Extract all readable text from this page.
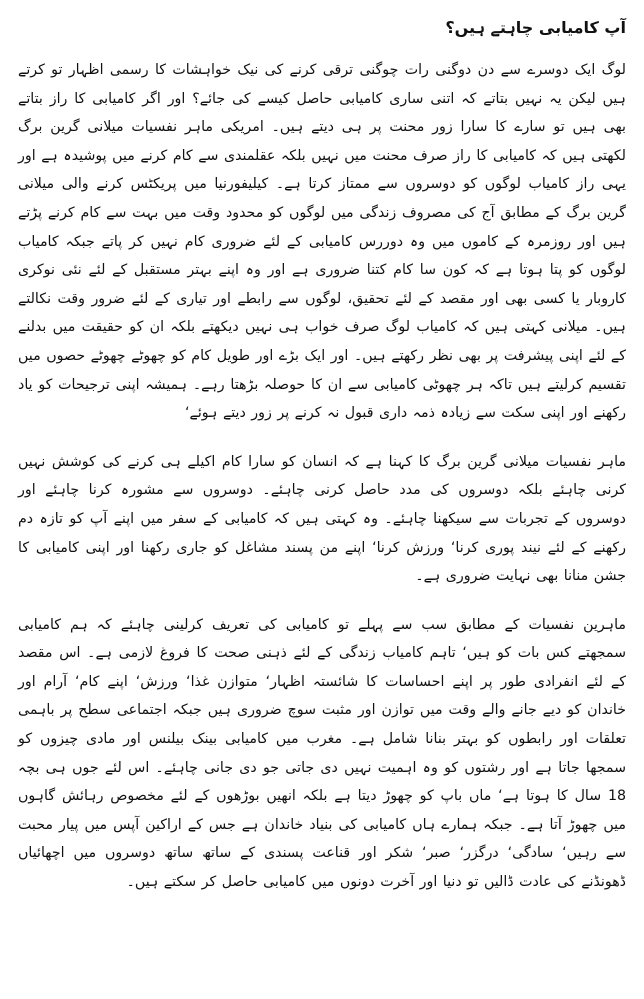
آپ کامیابی چاہتے ہیں؟

لوگ ایک دوسرے سے دن دوگنی رات چوگنی ترقی کرنے کی نیک خواہشات کا رسمی اظہار تو کرتے ہیں لیکن یہ نہیں بتاتے کہ اتنی ساری کامیابی حاصل کیسے کی جائے؟ اور اگر کامیابی کا راز بتاتے بھی ہیں تو سارے کا سارا زور محنت پر ہی دیتے ہیں۔ امریکی ماہر نفسیات میلانی گرین برگ لکھتی ہیں کہ کامیابی کا راز صرف محنت میں نہیں بلکہ عقلمندی سے کام کرنے میں پوشیدہ ہے اور یہی راز کامیاب لوگوں کو دوسروں سے ممتاز کرتا ہے۔ کیلیفورنیا میں پریکٹس کرنے والی میلانی گرین برگ کے مطابق آج کی مصروف زندگی میں لوگوں کو محدود وقت میں بہت سے کام کرنے پڑتے ہیں اور روزمرہ کے کاموں میں وہ دوررس کامیابی کے لئے ضروری کام نہیں کر پاتے جبکہ کامیاب لوگوں کو پتا ہوتا ہے کہ کون سا کام کتنا ضروری ہے اور وہ اپنے بہتر مستقبل کے لئے نئی نوکری کاروبار یا کسی بھی اور مقصد کے لئے تحقیق، لوگوں سے رابطے اور تیاری کے لئے ضرور وقت نکالتے ہیں۔ میلانی کہتی ہیں کہ کامیاب لوگ صرف خواب ہی نہیں دیکھتے بلکہ ان کو حقیقت میں بدلنے کے لئے اپنی پیشرفت پر بھی نظر رکھتے ہیں۔ اور ایک بڑے اور طویل کام کو چھوٹے چھوٹے حصوں میں تقسیم کرلیتے ہیں تاکہ ہر چھوٹی کامیابی سے ان کا حوصلہ بڑھتا رہے۔ ہمیشہ اپنی ترجیحات کو یاد رکھنے اور اپنی سکت سے زیادہ ذمہ داری قبول نہ کرنے پر زور دیتے ہوئے‘

ماہر نفسیات میلانی گرین برگ کا کہنا ہے کہ انسان کو سارا کام اکیلے ہی کرنے کی کوشش نہیں کرنی چاہئے بلکہ دوسروں کی مدد حاصل کرنی چاہئے۔ دوسروں سے مشورہ کرنا چاہئے اور دوسروں کے تجربات سے سیکھنا چاہئے۔ وہ کہتی ہیں کہ کامیابی کے سفر میں اپنے آپ کو تازہ دم رکھنے کے لئے نیند پوری کرنا‘ ورزش کرنا‘ اپنے من پسند مشاغل کو جاری رکھنا اور اپنی کامیابی کا جشن منانا بھی نہایت ضروری ہے۔

ماہرین نفسیات کے مطابق سب سے پہلے تو کامیابی کی تعریف کرلینی چاہئے کہ ہم کامیابی سمجھتے کس بات کو ہیں‘ تاہم کامیاب زندگی کے لئے ذہنی صحت کا فروغ لازمی ہے۔ اس مقصد کے لئے انفرادی طور پر اپنے احساسات کا شائستہ اظہار‘ متوازن غذا‘ ورزش‘ اپنے کام‘ آرام اور خاندان کو دیے جانے والے وقت میں توازن اور مثبت سوچ ضروری ہیں جبکہ اجتماعی سطح پر باہمی تعلقات اور رابطوں کو بہتر بنانا شامل ہے۔ مغرب میں کامیابی بینک بیلنس اور مادی چیزوں کو سمجھا جاتا ہے اور رشتوں کو وہ اہمیت نہیں دی جاتی جو دی جانی چاہئے۔ اس لئے جوں ہی بچہ 18 سال کا ہوتا ہے‘ ماں باپ کو چھوڑ دیتا ہے بلکہ انھیں بوڑھوں کے لئے مخصوص رہائش گاہوں میں چھوڑ آتا ہے۔ جبکہ ہمارے ہاں کامیابی کی بنیاد خاندان ہے جس کے اراکین آپس میں پیار محبت سے رہیں‘ سادگی‘ درگزر‘ صبر‘ شکر اور قناعت پسندی کے ساتھ ساتھ دوسروں میں اچھائیاں ڈھونڈنے کی عادت ڈالیں تو دنیا اور آخرت دونوں میں کامیابی حاصل کر سکتے ہیں۔
